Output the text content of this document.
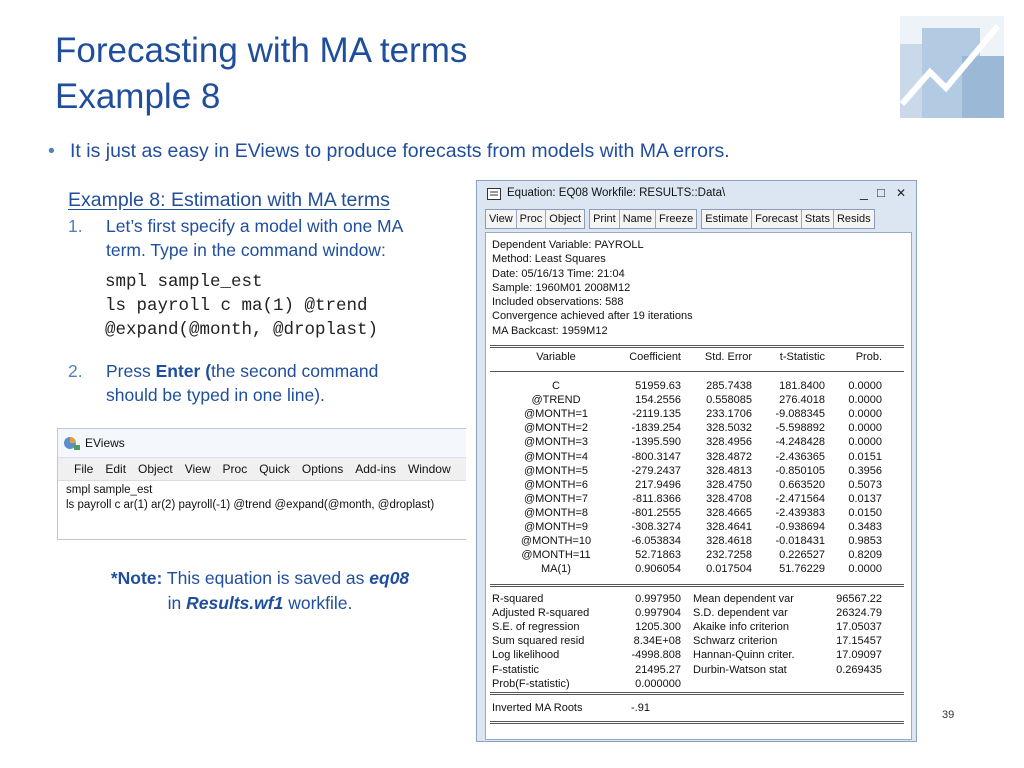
Forecasting with MA terms
Example 8
• It is just as easy in EViews to produce forecasts from models with MA errors.
Example 8: Estimation with MA terms
1. Let’s first specify a model with one MA
term. Type in the command window:
smpl sample_est
ls payroll c ma(1) @trend
@expand(@month, @droplast)
2. Press Enter (the second command
should be typed in one line).
EViews
File	Edit	Object	View	Proc	Quick	Options	Add-ins	Window
smpl sample_est
ls payroll c ar(1) ar(2) payroll(-1) @trend @expand(@month, @droplast)
*Note: This equation is saved as eq08
in Results.wf1 workfile.
Equation: EQ08 Workfile: RESULTS::Data\	_ □ ✕
View Proc Object Print Name Freeze Estimate Forecast Stats Resids
Dependent Variable: PAYROLL
Method: Least Squares
Date: 05/16/13 Time: 21:04
Sample: 1960M01 2008M12
Included observations: 588
Convergence achieved after 19 iterations
MA Backcast: 1959M12
Variable	Coefficient	Std. Error	t-Statistic	Prob.
C	51959.63	285.7438	181.8400	0.0000
@TREND	154.2556	0.558085	276.4018	0.0000
@MONTH=1	-2119.135	233.1706	-9.088345	0.0000
@MONTH=2	-1839.254	328.5032	-5.598892	0.0000
@MONTH=3	-1395.590	328.4956	-4.248428	0.0000
@MONTH=4	-800.3147	328.4872	-2.436365	0.0151
@MONTH=5	-279.2437	328.4813	-0.850105	0.3956
@MONTH=6	217.9496	328.4750	0.663520	0.5073
@MONTH=7	-811.8366	328.4708	-2.471564	0.0137
@MONTH=8	-801.2555	328.4665	-2.439383	0.0150
@MONTH=9	-308.3274	328.4641	-0.938694	0.3483
@MONTH=10	-6.053834	328.4618	-0.018431	0.9853
@MONTH=11	52.71863	232.7258	0.226527	0.8209
MA(1)	0.906054	0.017504	51.76229	0.0000
R-squared	0.997950 Mean dependent var	96567.22
Adjusted R-squared	0.997904 S.D. dependent var	26324.79
S.E. of regression	1205.300 Akaike info criterion	17.05037
Sum squared resid	8.34E+08 Schwarz criterion	17.15457
Log likelihood	-4998.808 Hannan-Quinn criter.	17.09097
F-statistic	21495.27 Durbin-Watson stat	0.269435
Prob(F-statistic)	0.000000
Inverted MA Roots	-.91
39
